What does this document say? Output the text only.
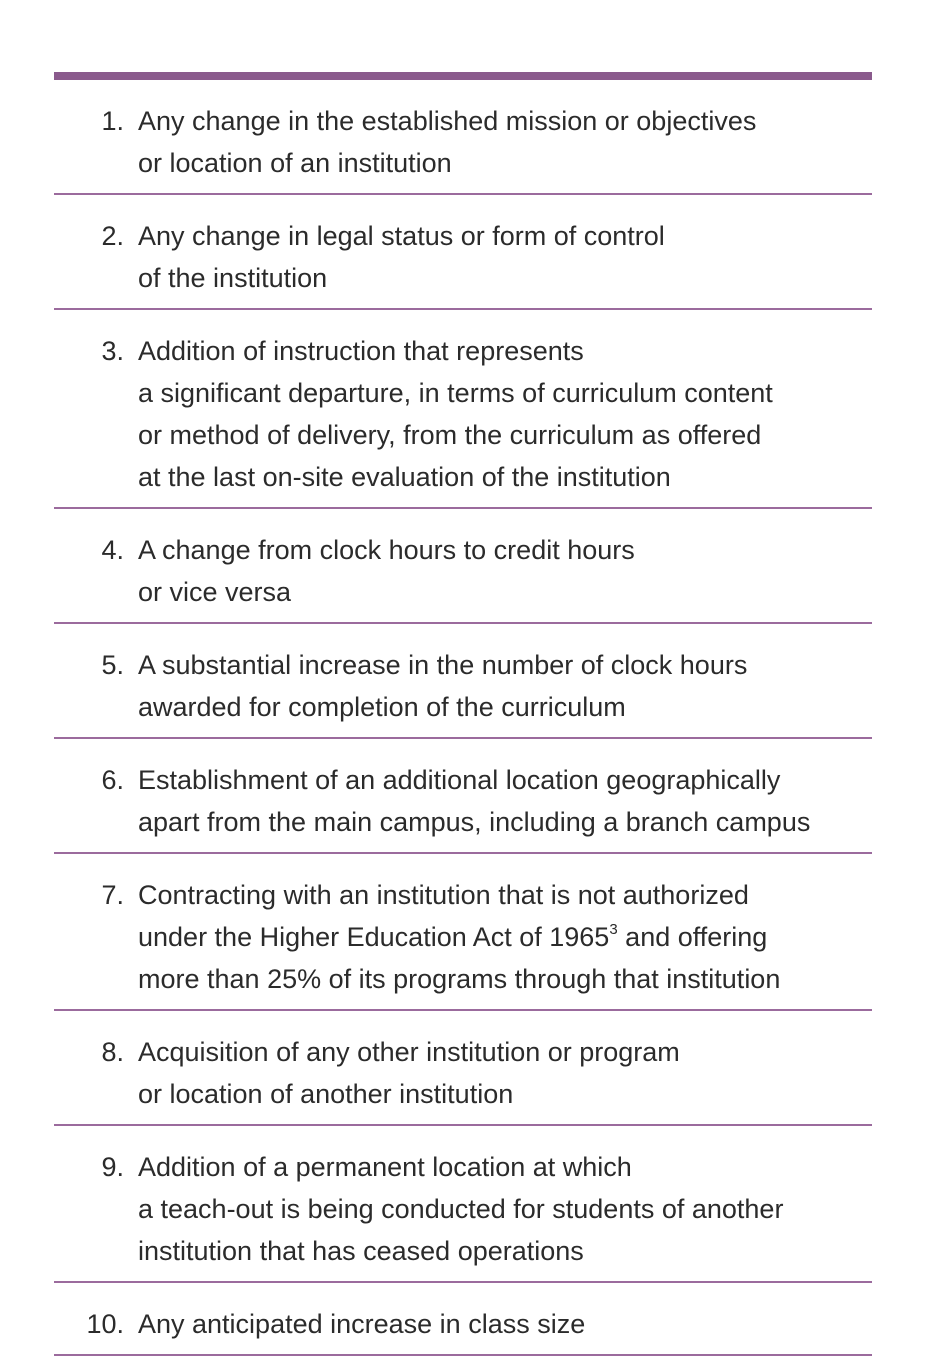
1. Any change in the established mission or objectives
or location of an institution
2. Any change in legal status or form of control
of the institution
3. Addition of instruction that represents
a significant departure, in terms of curriculum content
or method of delivery, from the curriculum as offered
at the last on-site evaluation of the institution
4. A change from clock hours to credit hours
or vice versa
5. A substantial increase in the number of clock hours
awarded for completion of the curriculum
6. Establishment of an additional location geographically
apart from the main campus, including a branch campus
7. Contracting with an institution that is not authorized
under the Higher Education Act of 1965$^3$ and offering
more than 25% of its programs through that institution
8. Acquisition of any other institution or program
or location of another institution
9. Addition of a permanent location at which
a teach-out is being conducted for students of another
institution that has ceased operations
10. Any anticipated increase in class size
